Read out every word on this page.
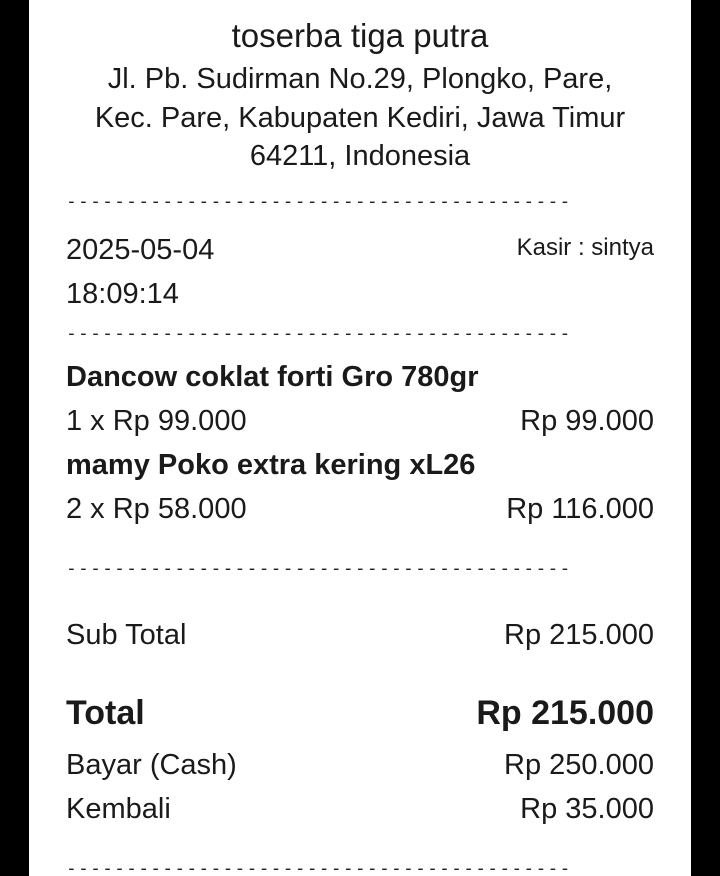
toserba tiga putra
Jl. Pb. Sudirman No.29, Plongko, Pare,
Kec. Pare, Kabupaten Kediri, Jawa Timur
64211, Indonesia
------------------------------------------
2025-05-04
18:09:14
Kasir : sintya
------------------------------------------
Dancow coklat forti Gro 780gr
1 x Rp 99.000	Rp 99.000
mamy Poko extra kering xL26
2 x Rp 58.000	Rp 116.000
------------------------------------------
Sub Total	Rp 215.000
Total	Rp 215.000
Bayar (Cash)	Rp 250.000
Kembali	Rp 35.000
------------------------------------------
